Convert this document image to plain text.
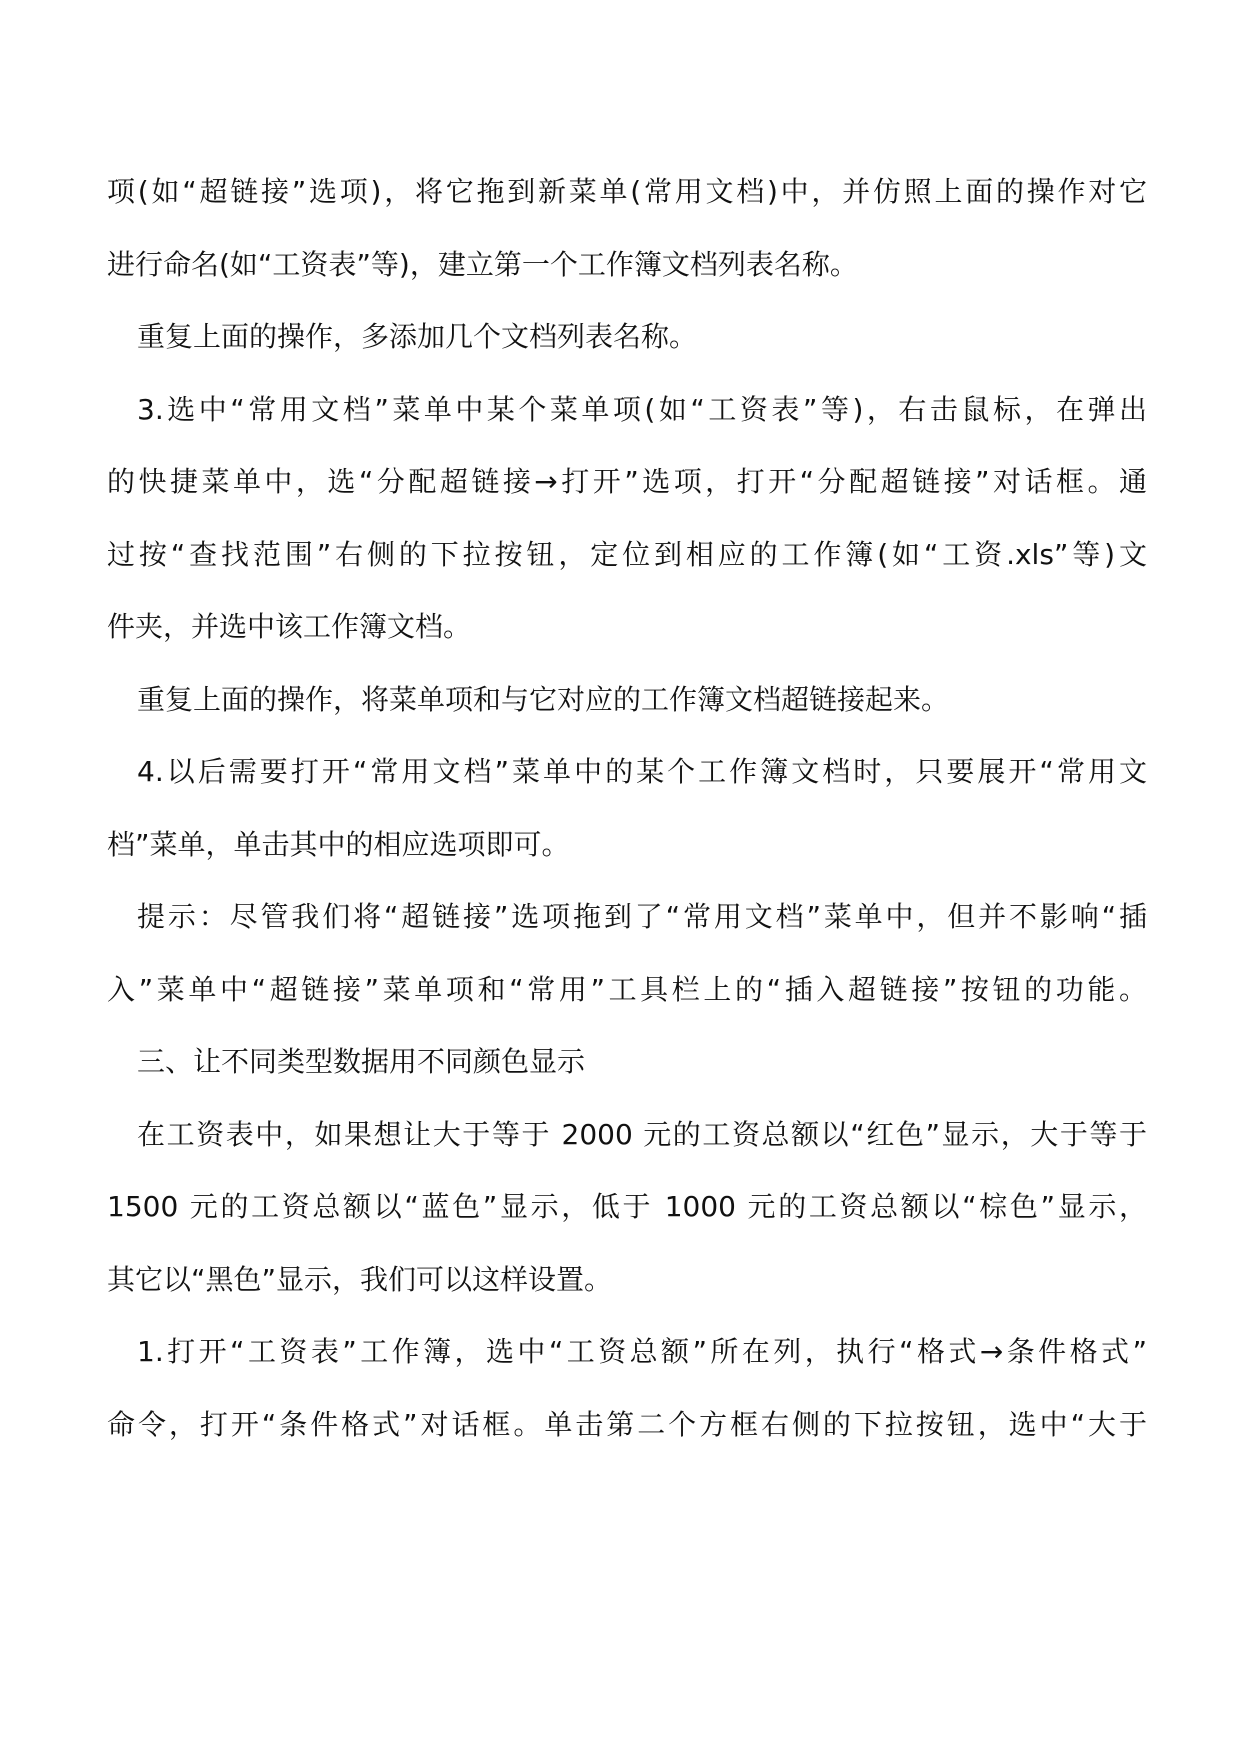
项(如“超链接”选项)，将它拖到新菜单(常用文档)中，并仿照上面的操作对它
进行命名(如“工资表”等)，建立第一个工作簿文档列表名称。
重复上面的操作，多添加几个文档列表名称。
3.选中“常用文档”菜单中某个菜单项(如“工资表”等)，右击鼠标，在弹出
的快捷菜单中，选“分配超链接→打开”选项，打开“分配超链接”对话框。通
过按“查找范围”右侧的下拉按钮，定位到相应的工作簿(如“工资.xls”等)文
件夹，并选中该工作簿文档。
重复上面的操作，将菜单项和与它对应的工作簿文档超链接起来。
4.以后需要打开“常用文档”菜单中的某个工作簿文档时，只要展开“常用文
档”菜单，单击其中的相应选项即可。
提示：尽管我们将“超链接”选项拖到了“常用文档”菜单中，但并不影响“插
入”菜单中“超链接”菜单项和“常用”工具栏上的“插入超链接”按钮的功能。
三、让不同类型数据用不同颜色显示
在工资表中，如果想让大于等于 2000 元的工资总额以“红色”显示，大于等于
1500 元的工资总额以“蓝色”显示，低于 1000 元的工资总额以“棕色”显示，
其它以“黑色”显示，我们可以这样设置。
1.打开“工资表”工作簿，选中“工资总额”所在列，执行“格式→条件格式”
命令，打开“条件格式”对话框。单击第二个方框右侧的下拉按钮，选中“大于
